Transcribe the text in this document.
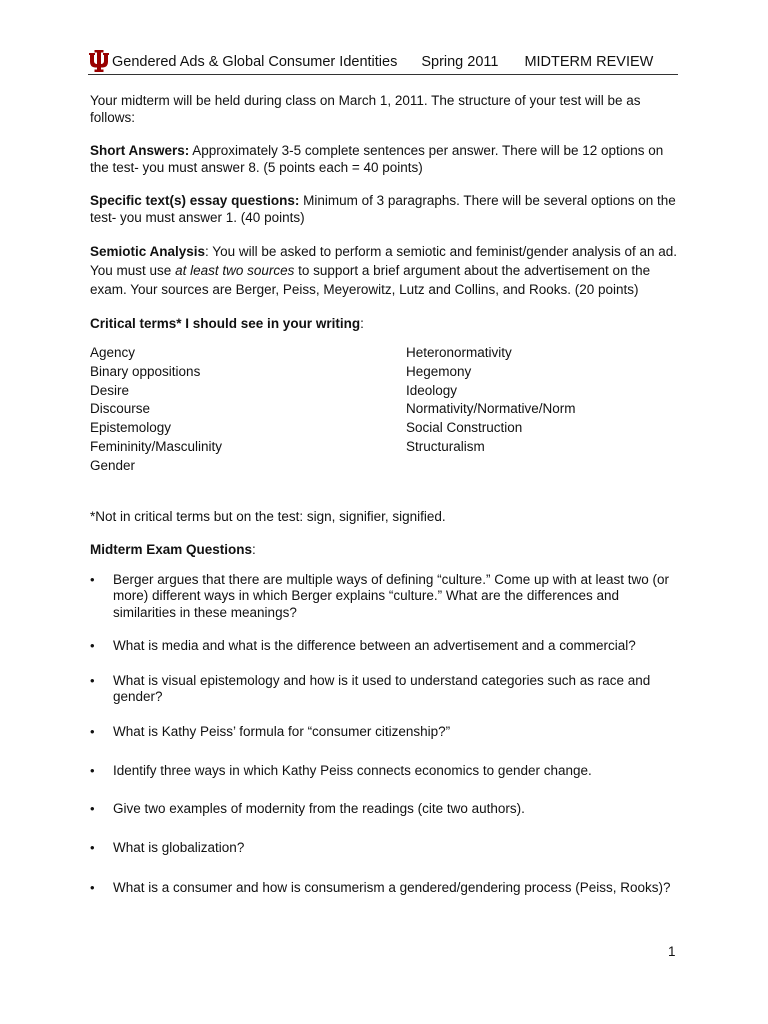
Gendered Ads & Global Consumer Identities Spring 2011 MIDTERM REVIEW

Your midterm will be held during class on March 1, 2011. The structure of your test will be as follows:

Short Answers: Approximately 3-5 complete sentences per answer. There will be 12 options on the test- you must answer 8. (5 points each = 40 points)

Specific text(s) essay questions: Minimum of 3 paragraphs. There will be several options on the test- you must answer 1. (40 points)

Semiotic Analysis: You will be asked to perform a semiotic and feminist/gender analysis of an ad. You must use at least two sources to support a brief argument about the advertisement on the exam. Your sources are Berger, Peiss, Meyerowitz, Lutz and Collins, and Rooks. (20 points)

Critical terms* I should see in your writing:

Agency
Binary oppositions
Desire
Discourse
Epistemology
Femininity/Masculinity
Gender
Heteronormativity
Hegemony
Ideology
Normativity/Normative/Norm
Social Construction
Structuralism

*Not in critical terms but on the test: sign, signifier, signified.

Midterm Exam Questions:

• Berger argues that there are multiple ways of defining “culture.” Come up with at least two (or more) different ways in which Berger explains “culture.” What are the differences and similarities in these meanings?
• What is media and what is the difference between an advertisement and a commercial?
• What is visual epistemology and how is it used to understand categories such as race and gender?
• What is Kathy Peiss’ formula for “consumer citizenship?”
• Identify three ways in which Kathy Peiss connects economics to gender change.
• Give two examples of modernity from the readings (cite two authors).
• What is globalization?
• What is a consumer and how is consumerism a gendered/gendering process (Peiss, Rooks)?
1
